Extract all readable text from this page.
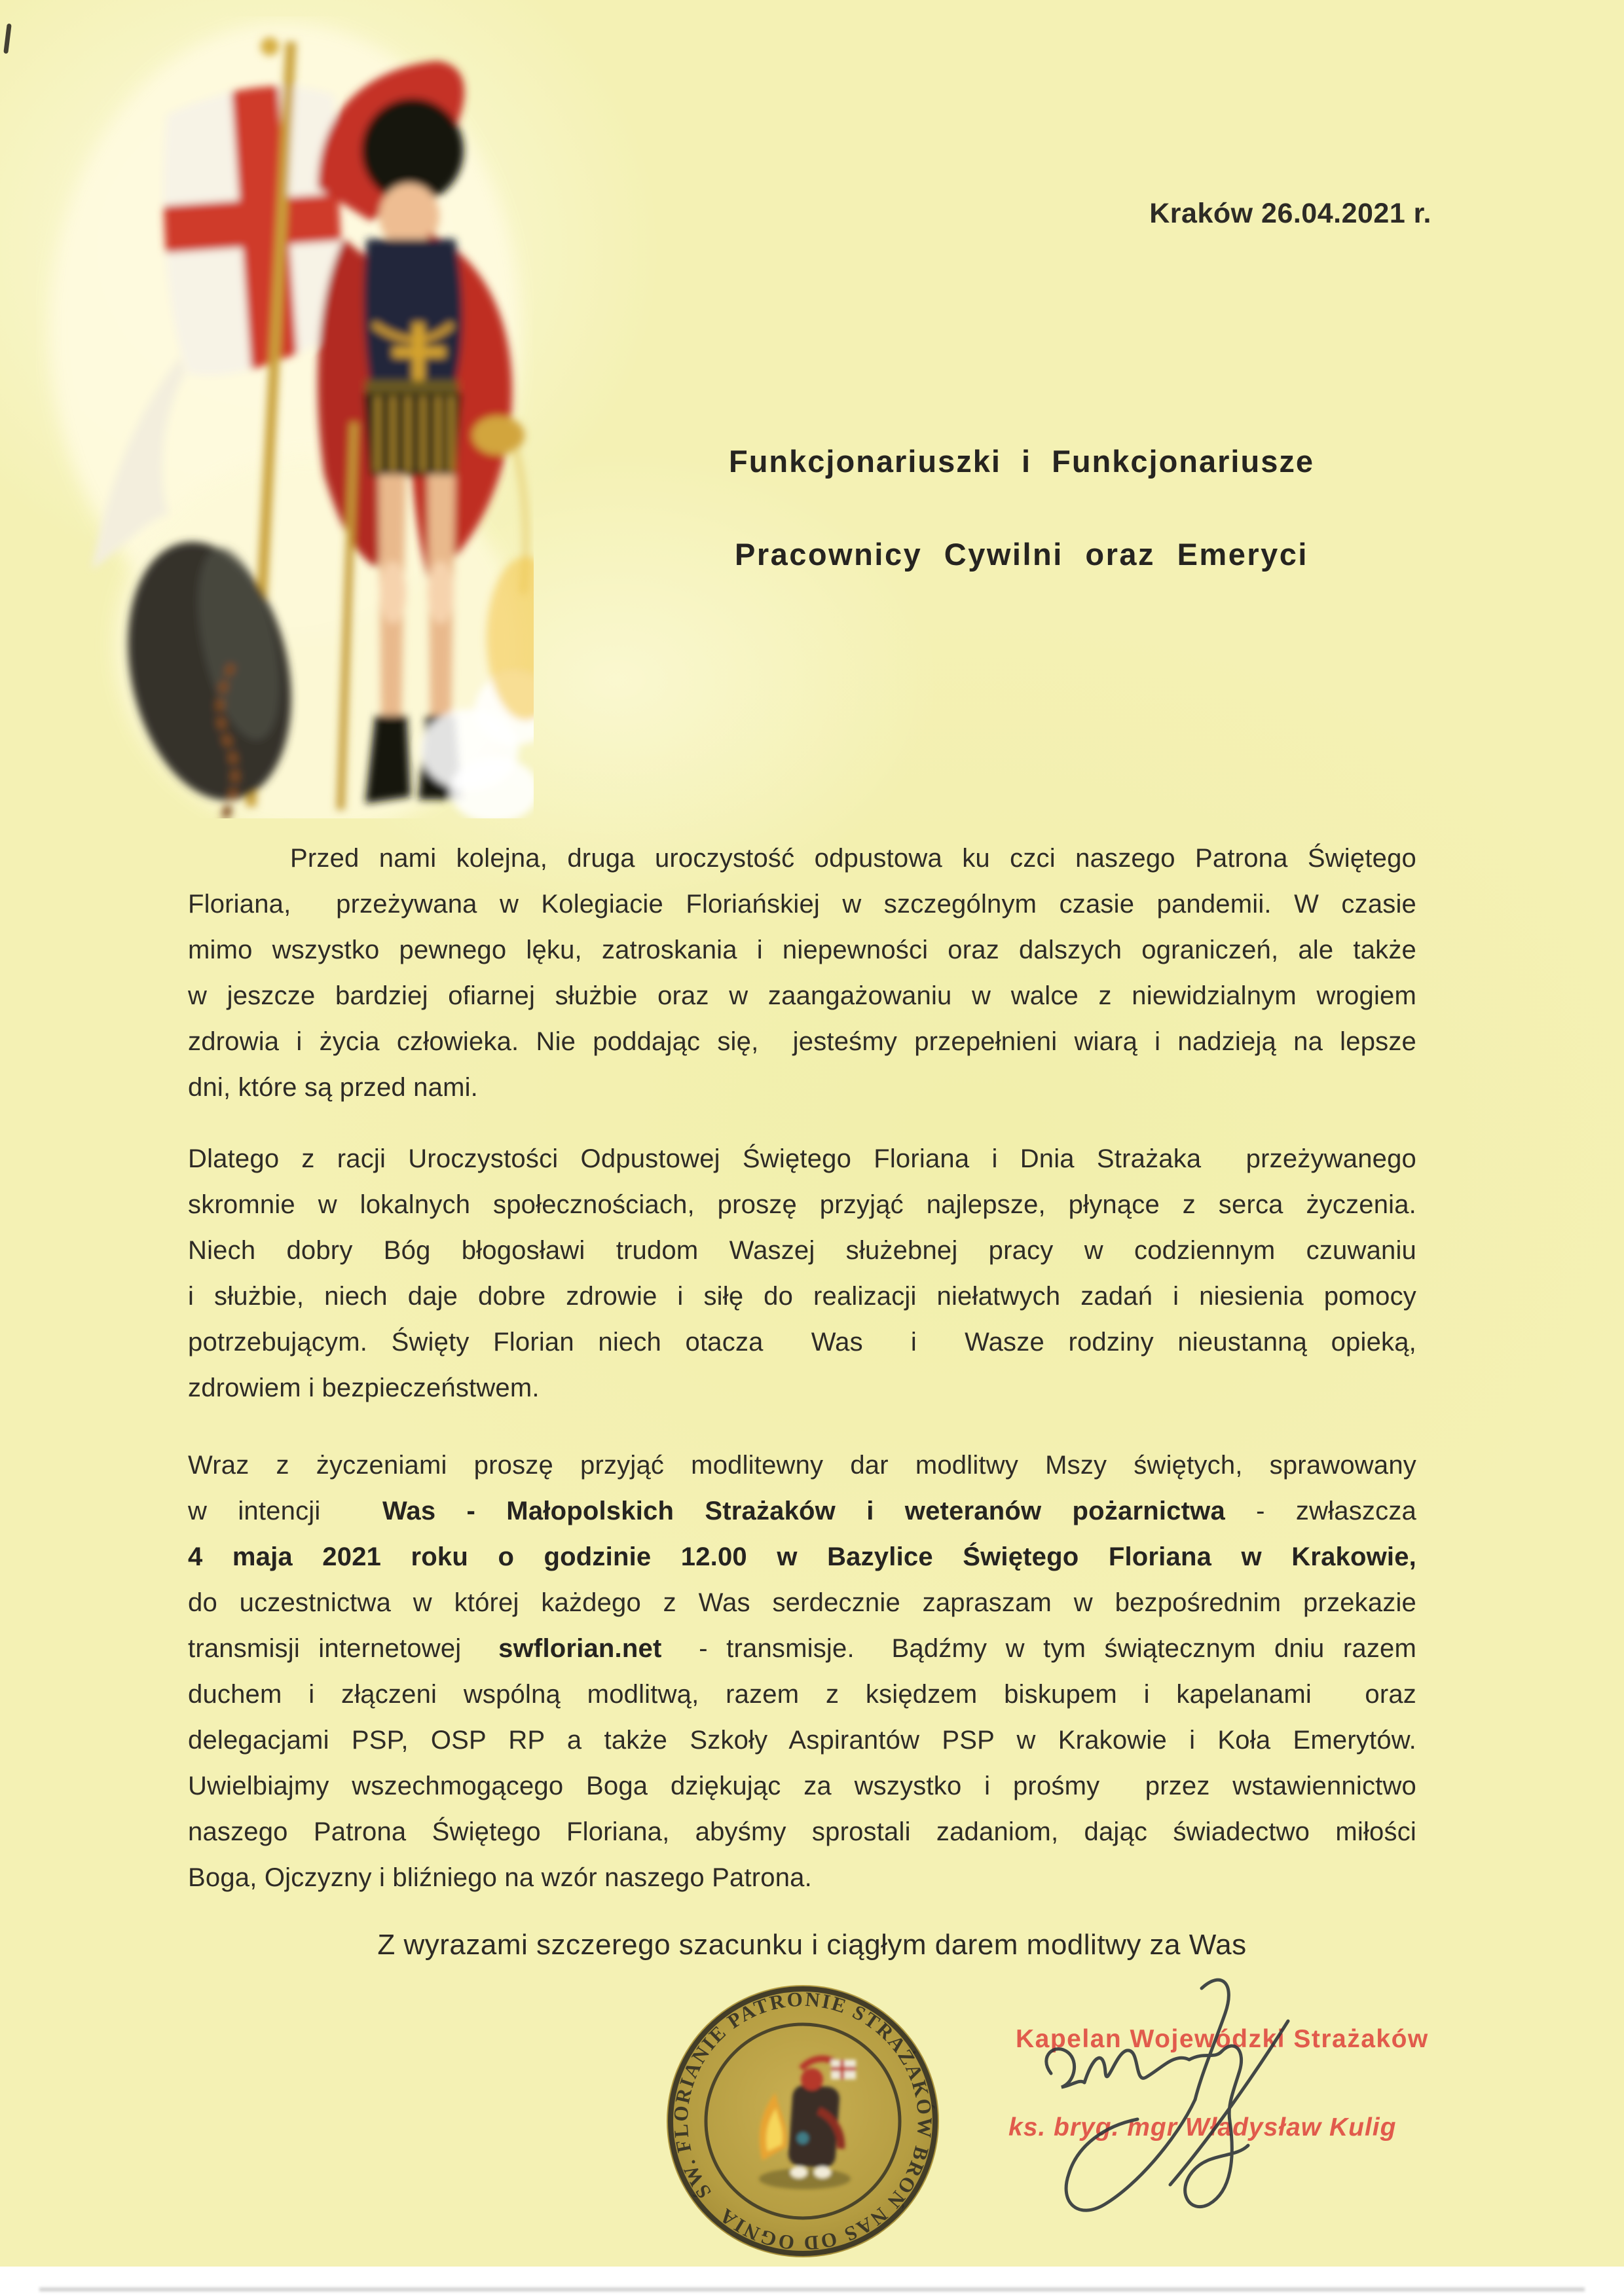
Kraków 26.04.2021 r.
Funkcjonariuszki i Funkcjonariusze
Pracownicy Cywilni oraz Emeryci
Przed nami kolejna, druga uroczystość odpustowa ku czci naszego Patrona Świętego
Floriana,  przeżywana w Kolegiacie Floriańskiej w szczególnym czasie pandemii. W czasie
mimo wszystko pewnego lęku, zatroskania i niepewności oraz dalszych ograniczeń, ale także
w jeszcze bardziej ofiarnej służbie oraz w zaangażowaniu w walce z niewidzialnym wrogiem
zdrowia i życia człowieka. Nie poddając się,  jesteśmy przepełnieni wiarą i nadzieją na lepsze
dni, które są przed nami.
Dlatego z racji Uroczystości Odpustowej Świętego Floriana i Dnia Strażaka  przeżywanego
skromnie w lokalnych społecznościach, proszę przyjąć najlepsze, płynące z serca życzenia.
Niech dobry Bóg błogosławi trudom Waszej służebnej pracy w codziennym czuwaniu
i służbie, niech daje dobre zdrowie i siłę do realizacji niełatwych zadań i niesienia pomocy
potrzebującym. Święty Florian niech otacza  Was  i  Wasze rodziny nieustanną opieką,
zdrowiem i bezpieczeństwem.
Wraz z życzeniami proszę przyjąć modlitewny dar modlitwy Mszy świętych, sprawowany
w intencji  Was - Małopolskich Strażaków i weteranów pożarnictwa - zwłaszcza
4 maja 2021 roku o godzinie 12.00 w Bazylice Świętego Floriana w Krakowie,
do uczestnictwa w której każdego z Was serdecznie zapraszam w bezpośrednim przekazie
transmisji internetowej  swflorian.net  - transmisje.  Bądźmy w tym świątecznym dniu razem
duchem i złączeni wspólną modlitwą, razem z księdzem biskupem i kapelanami  oraz
delegacjami PSP, OSP RP a także Szkoły Aspirantów PSP w Krakowie i Koła Emerytów.
Uwielbiajmy wszechmogącego Boga dziękując za wszystko i prośmy  przez wstawiennictwo
naszego Patrona Świętego Floriana, abyśmy sprostali zadaniom, dając świadectwo miłości
Boga, Ojczyzny i bliźniego na wzór naszego Patrona.
Z wyrazami szczerego szacunku i ciągłym darem modlitwy za Was
ŚW. FLORIANIE PATRONIE STRAŻAKÓW BROŃ NAS OD OGNIA
Kapelan Wojewódzki Strażaków
ks. bryg. mgr Władysław Kulig
